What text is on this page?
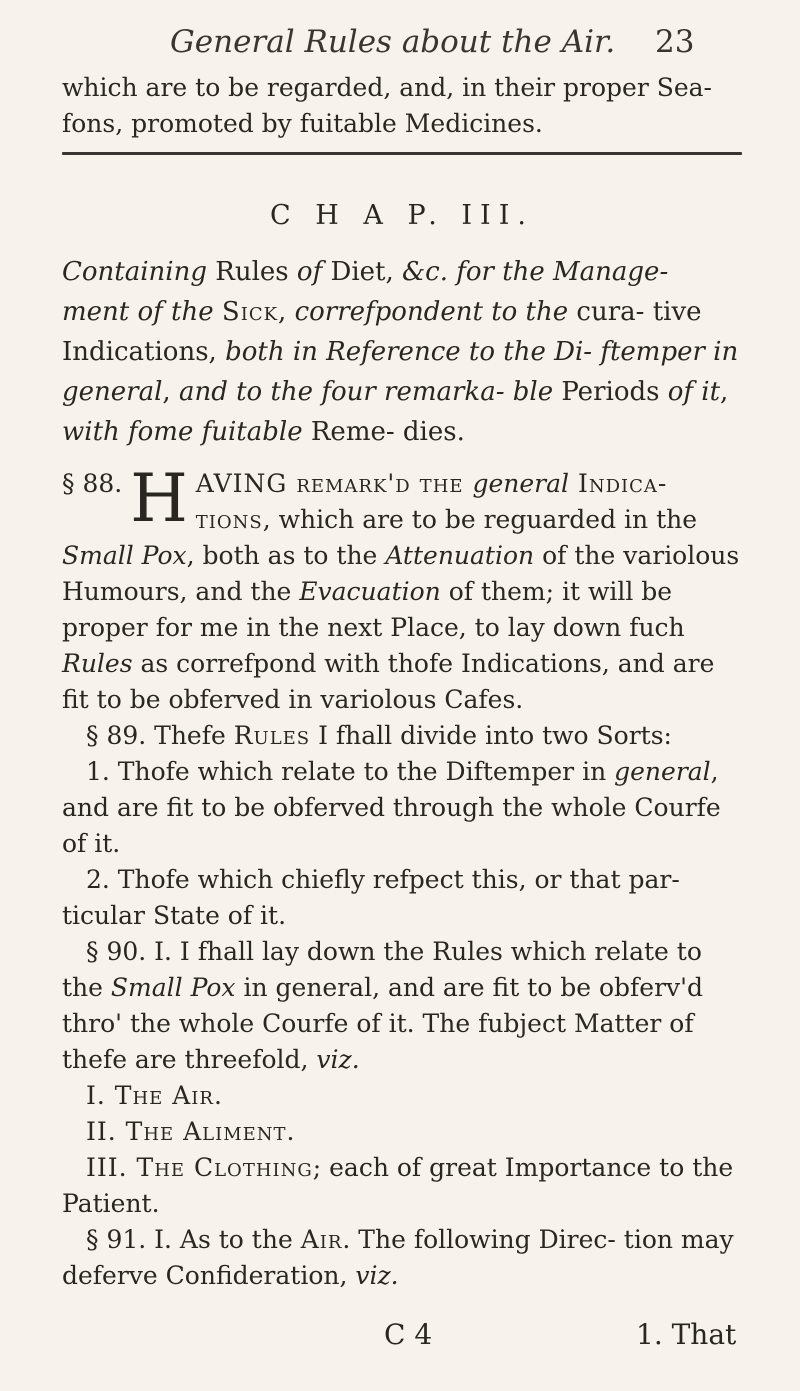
General Rules about the Air.	23
which are to be regarded, and, in their proper Sea- fons, promoted by fuitable Medicines.
C H A P. III.
Containing Rules of Diet, &c. for the Manage- ment of the Sick, correfpondent to the cura- tive Indications, both in Reference to the Di- ftemper in general, and to the four remarka- ble Periods of it, with fome fuitable Reme- dies.

§ 88. H AVING remark'd the general Indica- tions, which are to be reguarded in the Small Pox, both as to the Attenuation of the variolous Humours, and the Evacuation of them; it will be proper for me in the next Place, to lay down fuch Rules as correfpond with thofe Indications, and are fit to be obferved in variolous Cafes.

§ 89. Thefe Rules I fhall divide into two Sorts:

1. Thofe which relate to the Diftemper in general, and are fit to be obferved through the whole Courfe of it.

2. Thofe which chiefly refpect this, or that par- ticular State of it.

§ 90. I. I fhall lay down the Rules which relate to the Small Pox in general, and are fit to be obferv'd thro' the whole Courfe of it. The fubject Matter of thefe are threefold, viz.

I. The Air.

II. The Aliment.

III. The Clothing; each of great Importance to the Patient.

§ 91. I. As to the Air. The following Direc- tion may deferve Confideration, viz.

C 4	1. That
